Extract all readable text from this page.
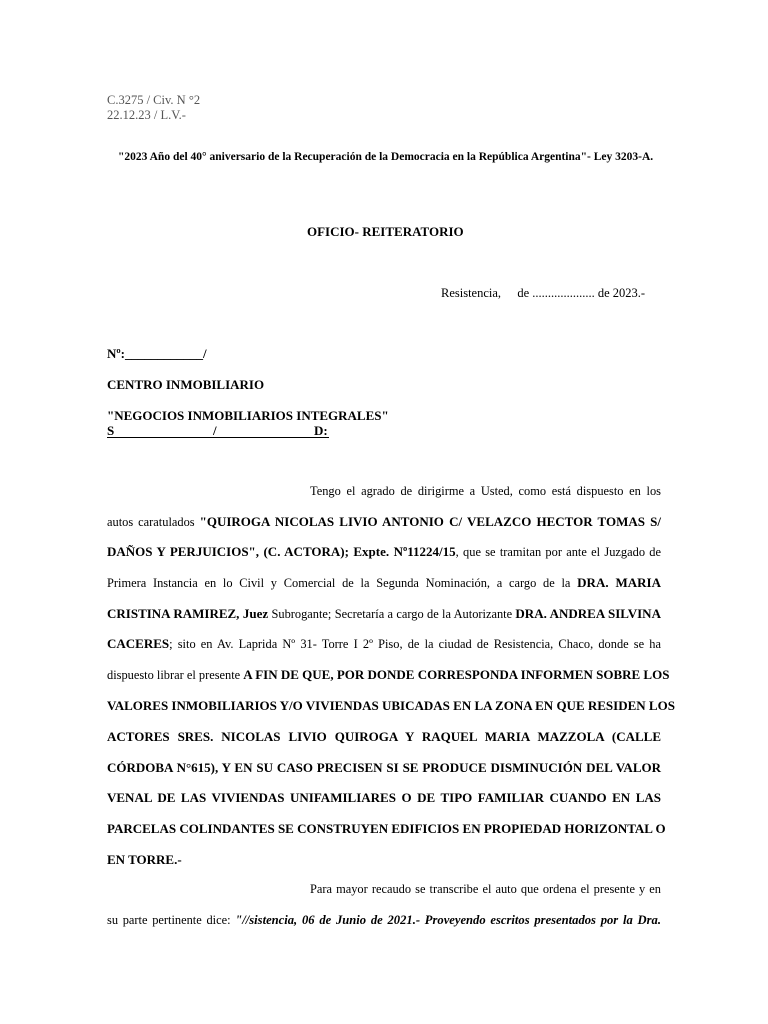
C.3275 / Civ. N °2
22.12.23 / L.V.-
"2023 Año del 40° aniversario de la Recuperación de la Democracia en la República Argentina"- Ley 3203-A.
OFICIO- REITERATORIO
Resistencia, de .................... de 2023.-
Nº:____________/
CENTRO INMOBILIARIO
"NEGOCIOS INMOBILIARIOS INTEGRALES"
S	/	D:
Tengo el agrado de dirigirme a Usted, como está dispuesto en los
autos caratulados "QUIROGA NICOLAS LIVIO ANTONIO C/ VELAZCO HECTOR TOMAS S/
DAÑOS Y PERJUICIOS", (C. ACTORA); Expte. Nº11224/15, que se tramitan por ante el Juzgado de
Primera Instancia en lo Civil y Comercial de la Segunda Nominación, a cargo de la DRA. MARIA
CRISTINA RAMIREZ, Juez Subrogante; Secretaría a cargo de la Autorizante DRA. ANDREA SILVINA
CACERES; sito en Av. Laprida Nº 31- Torre I 2º Piso, de la ciudad de Resistencia, Chaco, donde se ha
dispuesto librar el presente A FIN DE QUE, POR DONDE CORRESPONDA INFORMEN SOBRE LOS
VALORES INMOBILIARIOS Y/O VIVIENDAS UBICADAS EN LA ZONA EN QUE RESIDEN LOS
ACTORES SRES. NICOLAS LIVIO QUIROGA Y RAQUEL MARIA MAZZOLA (CALLE
CÓRDOBA N°615), Y EN SU CASO PRECISEN SI SE PRODUCE DISMINUCIÓN DEL VALOR
VENAL DE LAS VIVIENDAS UNIFAMILIARES O DE TIPO FAMILIAR CUANDO EN LAS
PARCELAS COLINDANTES SE CONSTRUYEN EDIFICIOS EN PROPIEDAD HORIZONTAL O
EN TORRE.-
Para mayor recaudo se transcribe el auto que ordena el presente y en
su parte pertinente dice: "//sistencia, 06 de Junio de 2021.- Proveyendo escritos presentados por la Dra.
